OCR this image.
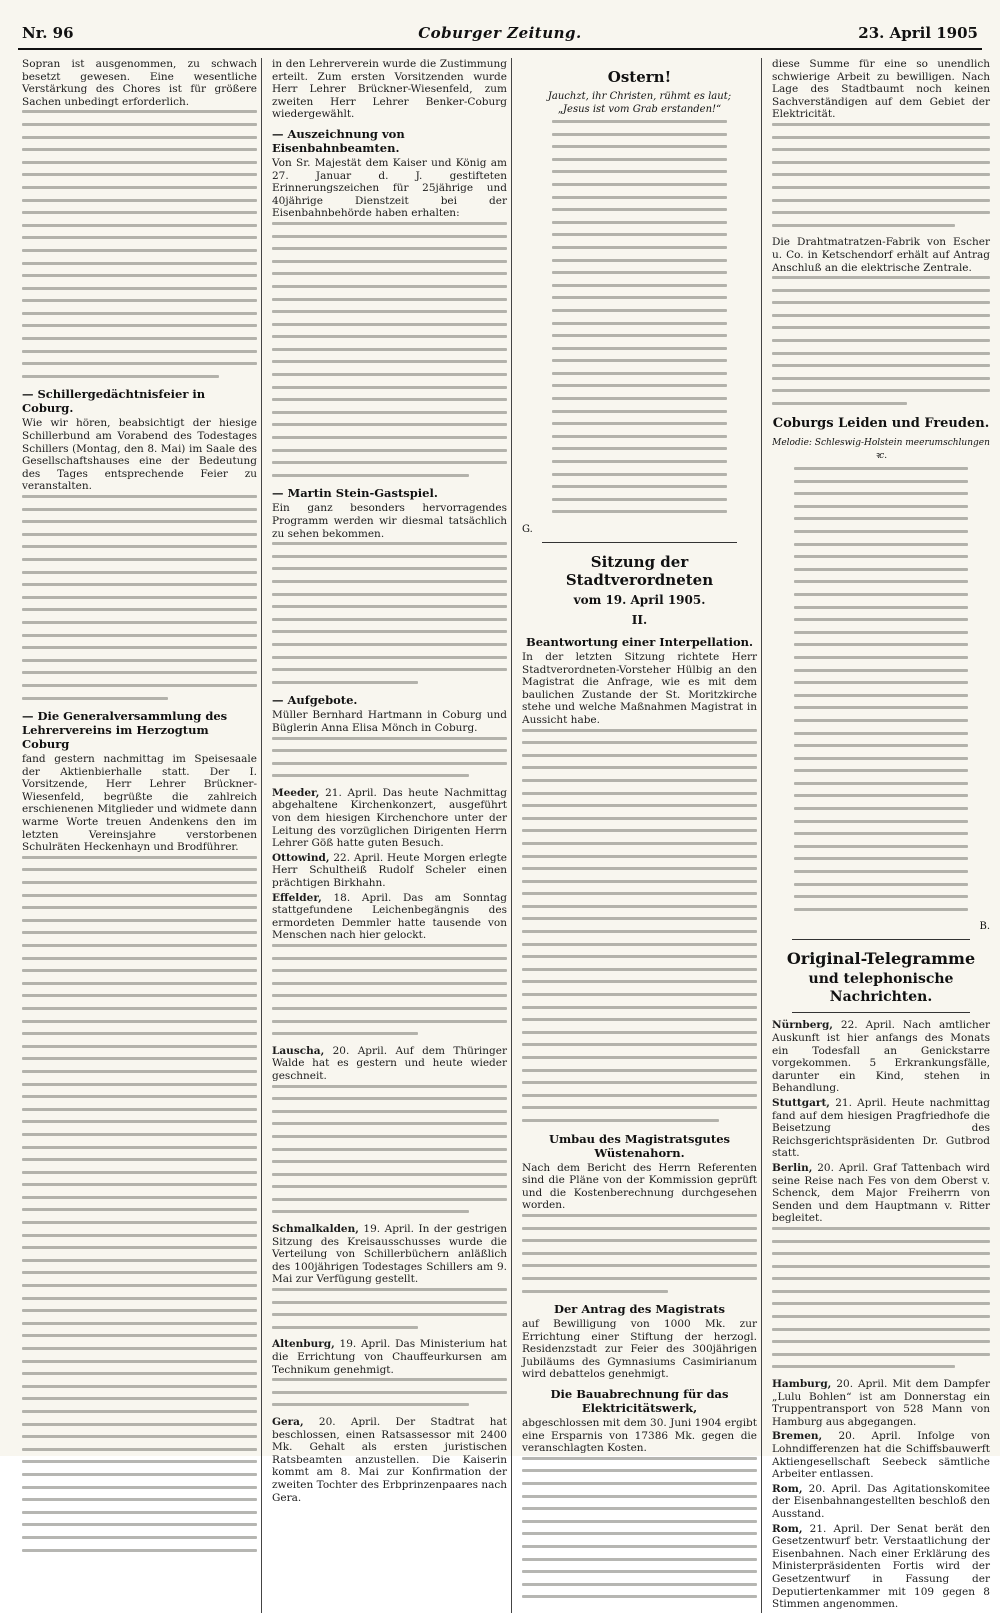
Nr. 96	Coburger Zeitung.	23. April 1905

Sopran ist ausgenommen, zu schwach besetzt gewesen. Eine wesentliche Verstärkung des Chores ist für größere Sachen unbedingt erforderlich.

— Schillergedächtnisfeier in Coburg.

Wie wir hören, beabsichtigt der hiesige Schillerbund am Vorabend des Todestages Schillers (Montag, den 8. Mai) im Saale des Gesellschaftshauses eine der Bedeutung des Tages entsprechende Feier zu veranstalten.

— Die Generalversammlung des Lehrervereins im Herzogtum Coburg

fand gestern nachmittag im Speisesaale der Aktienbierhalle statt. Der I. Vorsitzende, Herr Lehrer Brückner-Wiesenfeld, begrüßte die zahlreich erschienenen Mitglieder und widmete dann warme Worte treuen Andenkens den im letzten Vereinsjahre verstorbenen Schulräten Heckenhayn und Brodführer.

in den Lehrerverein wurde die Zustimmung erteilt. Zum ersten Vorsitzenden wurde Herr Lehrer Brückner-Wiesenfeld, zum zweiten Herr Lehrer Benker-Coburg wiedergewählt.

— Auszeichnung von Eisenbahnbeamten.

Von Sr. Majestät dem Kaiser und König am 27. Januar d. J. gestifteten Erinnerungszeichen für 25jährige und 40jährige Dienstzeit bei der Eisenbahnbehörde haben erhalten:

— Martin Stein-Gastspiel.

Ein ganz besonders hervorragendes Programm werden wir diesmal tatsächlich zu sehen bekommen.

— Aufgebote.

Müller Bernhard Hartmann in Coburg und Büglerin Anna Elisa Mönch in Coburg.

Meeder, 21. April. Das heute Nachmittag abgehaltene Kirchenkonzert, ausgeführt von dem hiesigen Kirchenchore unter der Leitung des vorzüglichen Dirigenten Herrn Lehrer Göß hatte guten Besuch.

Ottowind, 22. April. Heute Morgen erlegte Herr Schultheiß Rudolf Scheler einen prächtigen Birkhahn.

Effelder, 18. April. Das am Sonntag stattgefundene Leichenbegängnis des ermordeten Demmler hatte tausende von Menschen nach hier gelockt.

Lauscha, 20. April. Auf dem Thüringer Walde hat es gestern und heute wieder geschneit.

Schmalkalden, 19. April. In der gestrigen Sitzung des Kreisausschusses wurde die Verteilung von Schillerbüchern anläßlich des 100jährigen Todestages Schillers am 9. Mai zur Verfügung gestellt.

Altenburg, 19. April. Das Ministerium hat die Errichtung von Chauffeurkursen am Technikum genehmigt.

Gera, 20. April. Der Stadtrat hat beschlossen, einen Ratsassessor mit 2400 Mk. Gehalt als ersten juristischen Ratsbeamten anzustellen. Die Kaiserin kommt am 8. Mai zur Konfirmation der zweiten Tochter des Erbprinzenpaares nach Gera.

Ostern!
Jauchzt, ihr Christen, rühmt es laut;
„Jesus ist vom Grab erstanden!“
G.
Sitzung der Stadtverordneten
vom 19. April 1905.
II.
Beantwortung einer Interpellation.

In der letzten Sitzung richtete Herr Stadtverordneten-Vorsteher Hülbig an den Magistrat die Anfrage, wie es mit dem baulichen Zustande der St. Moritzkirche stehe und welche Maßnahmen Magistrat in Aussicht habe.

Umbau des Magistratsgutes Wüstenahorn.

Nach dem Bericht des Herrn Referenten sind die Pläne von der Kommission geprüft und die Kostenberechnung durchgesehen worden.

Der Antrag des Magistrats

auf Bewilligung von 1000 Mk. zur Errichtung einer Stiftung der herzogl. Residenzstadt zur Feier des 300jährigen Jubiläums des Gymnasiums Casimirianum wird debattelos genehmigt.

Die Bauabrechnung für das Elektricitätswerk,

abgeschlossen mit dem 30. Juni 1904 ergibt eine Ersparnis von 17386 Mk. gegen die veranschlagten Kosten.

diese Summe für eine so unendlich schwierige Arbeit zu bewilligen. Nach Lage des Stadtbaumt noch keinen Sachverständigen auf dem Gebiet der Elektricität.

Die Drahtmatratzen-Fabrik von Escher u. Co. in Ketschendorf erhält auf Antrag Anschluß an die elektrische Zentrale.

Coburgs Leiden und Freuden.
Melodie: Schleswig-Holstein meerumschlungen ꝛc.
B.
Original-Telegramme
und telephonische Nachrichten.

Nürnberg, 22. April. Nach amtlicher Auskunft ist hier anfangs des Monats ein Todesfall an Genickstarre vorgekommen. 5 Erkrankungsfälle, darunter ein Kind, stehen in Behandlung.

Stuttgart, 21. April. Heute nachmittag fand auf dem hiesigen Pragfriedhofe die Beisetzung des Reichsgerichtspräsidenten Dr. Gutbrod statt.

Berlin, 20. April. Graf Tattenbach wird seine Reise nach Fes von dem Oberst v. Schenck, dem Major Freiherrn von Senden und dem Hauptmann v. Ritter begleitet.

Hamburg, 20. April. Mit dem Dampfer „Lulu Bohlen“ ist am Donnerstag ein Truppentransport von 528 Mann von Hamburg aus abgegangen.

Bremen, 20. April. Infolge von Lohndifferenzen hat die Schiffsbauwerft Aktiengesellschaft Seebeck sämtliche Arbeiter entlassen.

Rom, 20. April. Das Agitationskomitee der Eisenbahnangestellten beschloß den Ausstand.

Rom, 21. April. Der Senat berät den Gesetzentwurf betr. Verstaatlichung der Eisenbahnen. Nach einer Erklärung des Ministerpräsidenten Fortis wird der Gesetzentwurf in Fassung der Deputiertenkammer mit 109 gegen 8 Stimmen angenommen.
